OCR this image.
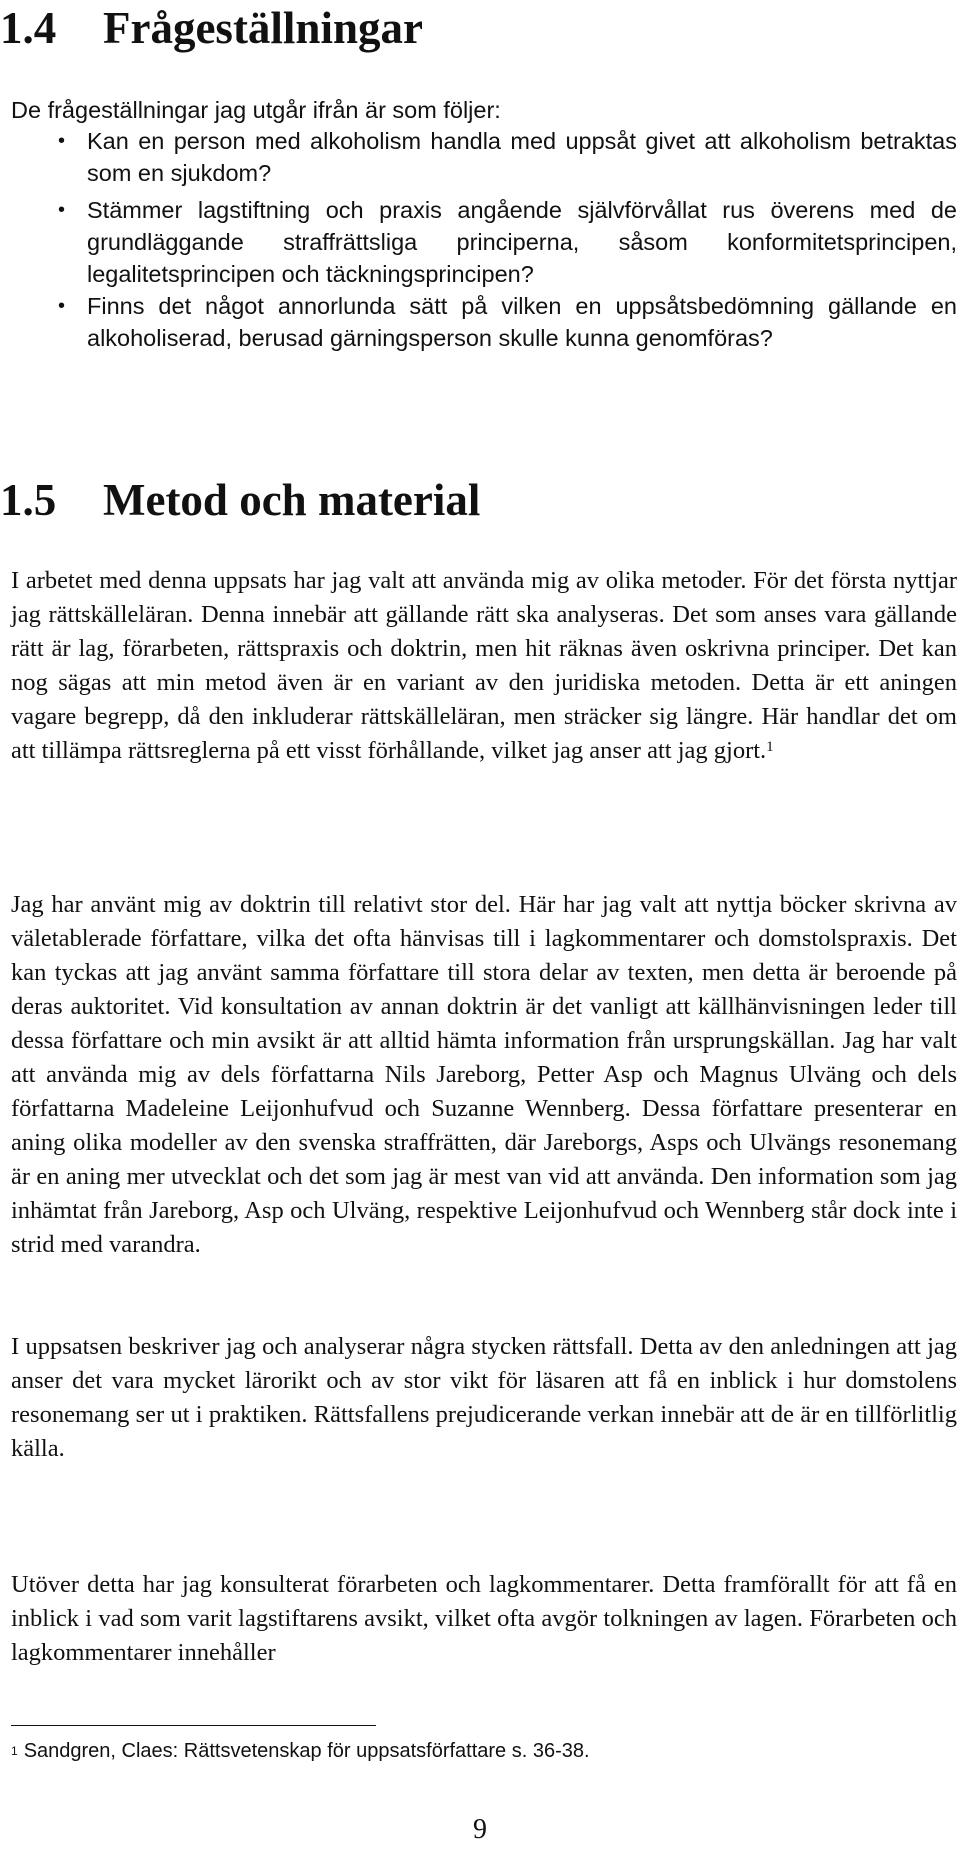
1.4 Frågeställningar

De frågeställningar jag utgår ifrån är som följer:

• Kan en person med alkoholism handla med uppsåt givet att alkoholism betraktas som en sjukdom?
• Stämmer lagstiftning och praxis angående självförvållat rus överens med de grundläggande straffrättsliga principerna, såsom konformitetsprincipen, legalitetsprincipen och täckningsprincipen?
• Finns det något annorlunda sätt på vilken en uppsåtsbedömning gällande en alkoholiserad, berusad gärningsperson skulle kunna genomföras?
1.5 Metod och material

I arbetet med denna uppsats har jag valt att använda mig av olika metoder. För det första nyttjar jag rättskälleläran. Denna innebär att gällande rätt ska analyseras. Det som anses vara gällande rätt är lag, förarbeten, rättspraxis och doktrin, men hit räknas även oskrivna principer. Det kan nog sägas att min metod även är en variant av den juridiska metoden. Detta är ett aningen vagare begrepp, då den inkluderar rättskälleläran, men sträcker sig längre. Här handlar det om att tillämpa rättsreglerna på ett visst förhållande, vilket jag anser att jag gjort.$^1$

Jag har använt mig av doktrin till relativt stor del. Här har jag valt att nyttja böcker skrivna av väletablerade författare, vilka det ofta hänvisas till i lagkommentarer och domstolspraxis. Det kan tyckas att jag använt samma författare till stora delar av texten, men detta är beroende på deras auktoritet. Vid konsultation av annan doktrin är det vanligt att källhänvisningen leder till dessa författare och min avsikt är att alltid hämta information från ursprungskällan. Jag har valt att använda mig av dels författarna Nils Jareborg, Petter Asp och Magnus Ulväng och dels författarna Madeleine Leijonhufvud och Suzanne Wennberg. Dessa författare presenterar en aning olika modeller av den svenska straffrätten, där Jareborgs, Asps och Ulvängs resonemang är en aning mer utvecklat och det som jag är mest van vid att använda. Den information som jag inhämtat från Jareborg, Asp och Ulväng, respektive Leijonhufvud och Wennberg står dock inte i strid med varandra.

I uppsatsen beskriver jag och analyserar några stycken rättsfall. Detta av den anledningen att jag anser det vara mycket lärorikt och av stor vikt för läsaren att få en inblick i hur domstolens resonemang ser ut i praktiken. Rättsfallens prejudicerande verkan innebär att de är en tillförlitlig källa.

Utöver detta har jag konsulterat förarbeten och lagkommentarer. Detta framförallt för att få en inblick i vad som varit lagstiftarens avsikt, vilket ofta avgör tolkningen av lagen. Förarbeten och lagkommentarer innehåller

$^1$ Sandgren, Claes: Rättsvetenskap för uppsatsförfattare s. 36-38.

9
